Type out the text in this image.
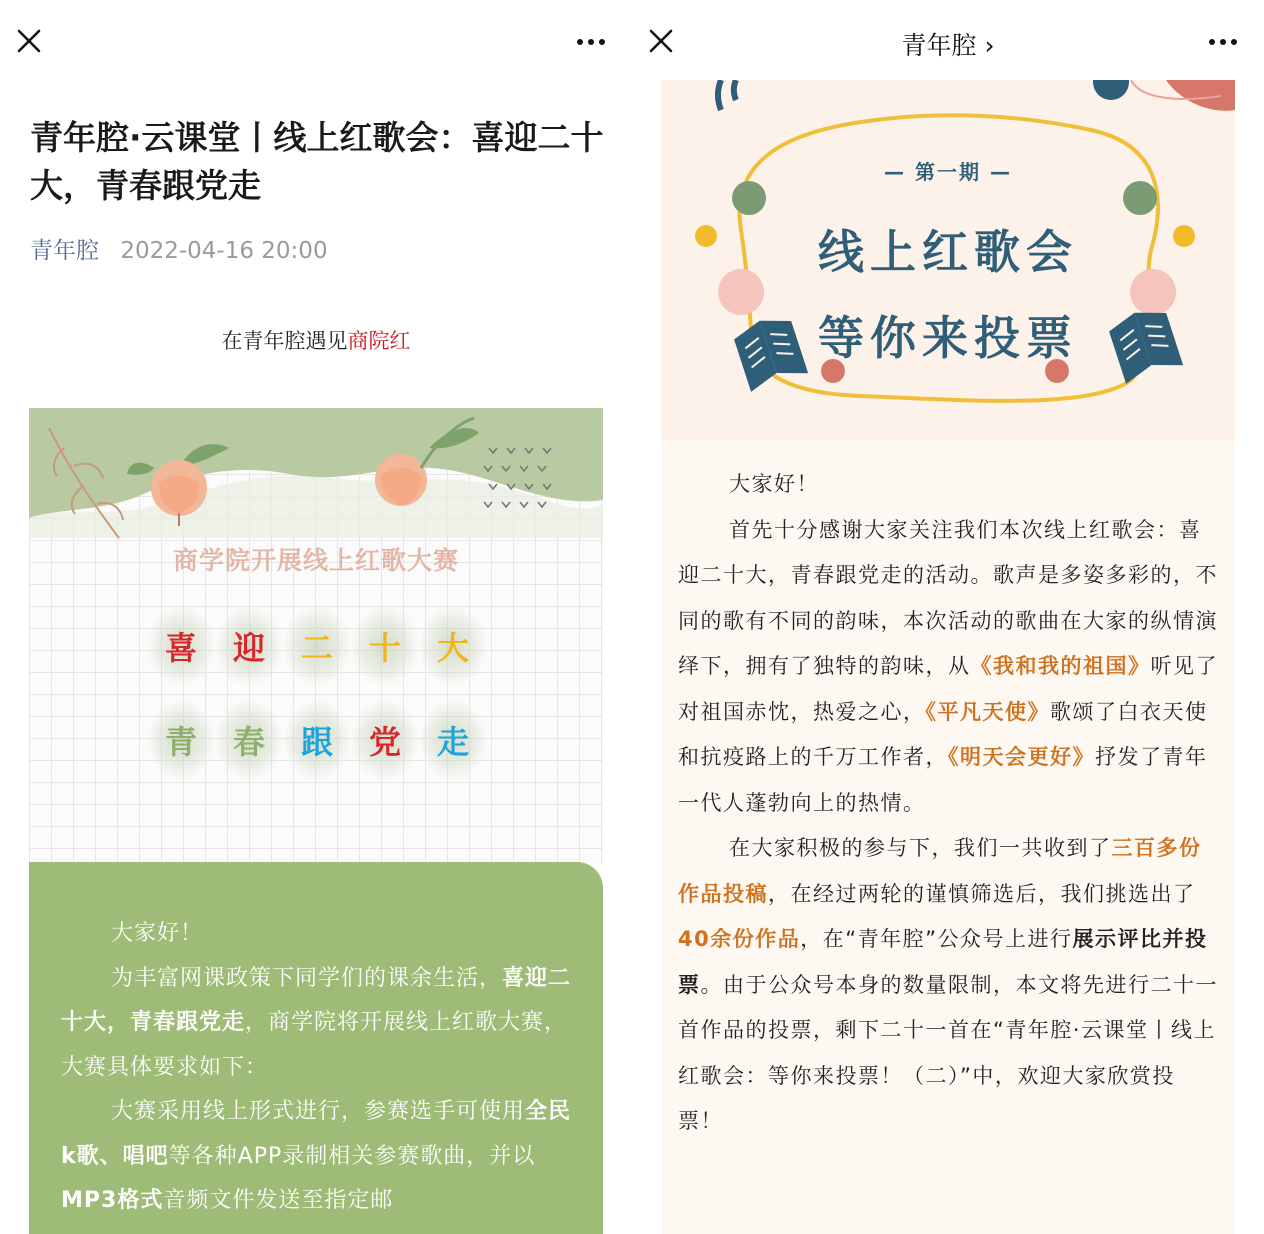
青年腔·云课堂丨线上红歌会：喜迎二十大，青春跟党走
青年腔 2022-04-16 20:00
在青年腔遇见商院红
商学院开展线上红歌大赛
喜	迎	二	十	大
青	春	跟	党	走

大家好！

为丰富网课政策下同学们的课余生活，喜迎二十大，青春跟党走，商学院将开展线上红歌大赛，大赛具体要求如下：

大赛采用线上形式进行，参赛选手可使用全民k歌、唱吧等各种APP录制相关参赛歌曲，并以MP3格式音频文件发送至指定邮

青年腔 ›
— 第一期 —
线上红歌会
等你来投票

大家好！

首先十分感谢大家关注我们本次线上红歌会：喜迎二十大，青春跟党走的活动。歌声是多姿多彩的，不同的歌有不同的韵味，本次活动的歌曲在大家的纵情演绎下，拥有了独特的韵味，从《我和我的祖国》听见了对祖国赤忱，热爱之心，《平凡天使》歌颂了白衣天使和抗疫路上的千万工作者，《明天会更好》抒发了青年一代人蓬勃向上的热情。

在大家积极的参与下，我们一共收到了三百多份作品投稿，在经过两轮的谨慎筛选后，我们挑选出了40余份作品，在“青年腔”公众号上进行展示评比并投票。由于公众号本身的数量限制，本文将先进行二十一首作品的投票，剩下二十一首在“青年腔·云课堂丨线上红歌会：等你来投票！（二）”中，欢迎大家欣赏投票！
